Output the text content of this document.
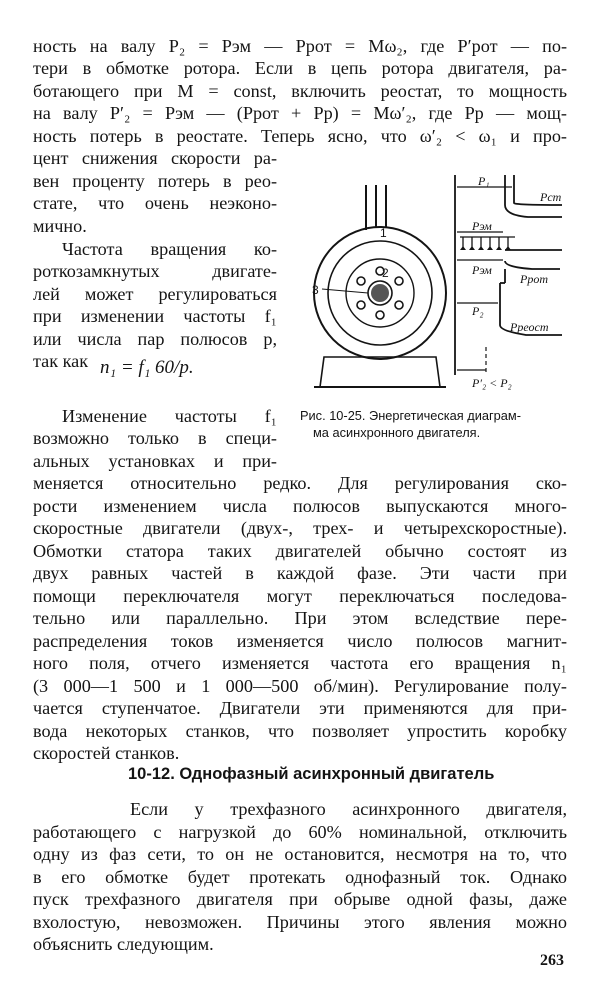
ность на валу P₂ = Pэм — Pрот = Mω₂, где P′рот — по-
тери в обмотке ротора. Если в цепь ротора двигателя, ра-
ботающего при M = const, включить реостат, то мощность
на валу P′₂ = Pэм — (Pрот + Pр) = Mω′₂, где Pр — мощ-
ность потерь в реостате. Теперь ясно, что ω′₂ < ω₁ и про-
цент снижения скорости ра-
вен проценту потерь в рео-
стате, что очень неэконо-
мично.
Частота вращения ко-
роткозамкнутых двигате-
лей может регулироваться
при изменении частоты f₁
или числа пар полюсов p,
так как n₁ = f₁ 60/p.
Изменение частоты f₁
возможно только в специ-
альных установках и при-
1
2
3
P₁
Pст
Pэм
Pэм
Pрот
P₂
Pреост
P′₂ < P₂
Рис. 10-25. Энергетическая диаграм-
ма асинхронного двигателя.
меняется относительно редко. Для регулирования ско-
рости изменением числа полюсов выпускаются много-
скоростные двигатели (двух-, трех- и четырехскоростные).
Обмотки статора таких двигателей обычно состоят из
двух равных частей в каждой фазе. Эти части при
помощи переключателя могут переключаться последова-
тельно или параллельно. При этом вследствие пере-
распределения токов изменяется число полюсов магнит-
ного поля, отчего изменяется частота его вращения n₁
(3 000—1 500 и 1 000—500 об/мин). Регулирование полу-
чается ступенчатое. Двигатели эти применяются для при-
вода некоторых станков, что позволяет упростить коробку
скоростей станков.
10-12. Однофазный асинхронный двигатель
Если у трехфазного асинхронного двигателя,
работающего с нагрузкой до 60% номинальной, отключить
одну из фаз сети, то он не остановится, несмотря на то, что
в его обмотке будет протекать однофазный ток. Однако
пуск трехфазного двигателя при обрыве одной фазы, даже
вхолостую, невозможен. Причины этого явления можно
объяснить следующим.
263
